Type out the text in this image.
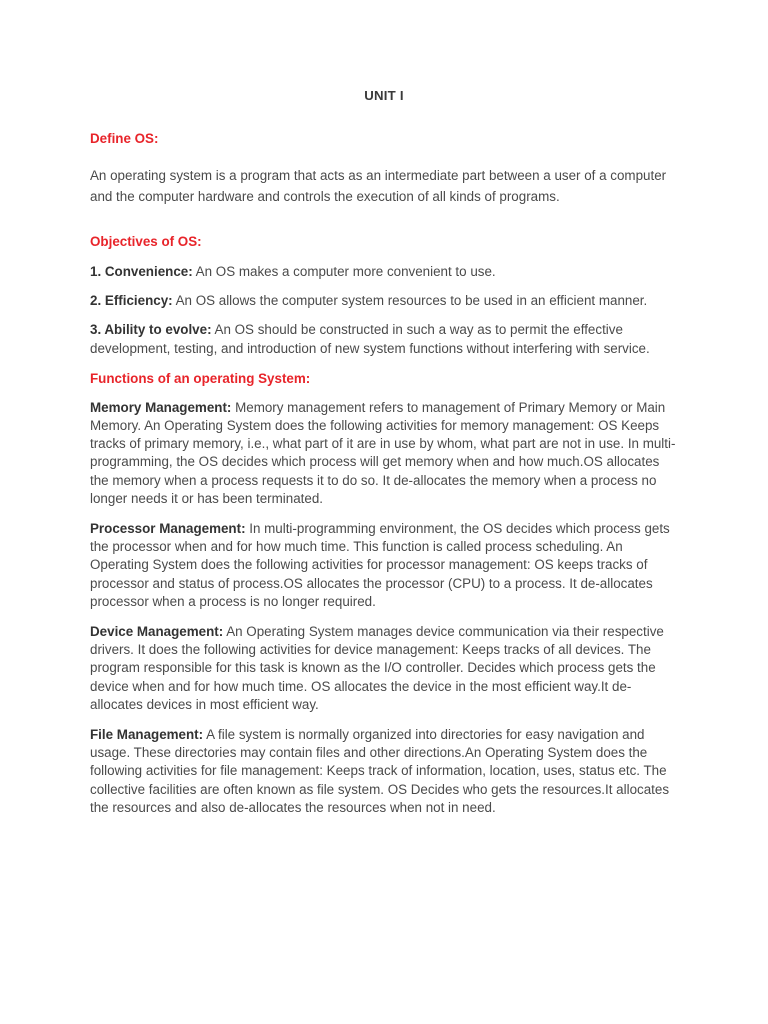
UNIT I
Define OS:

An operating system is a program that acts as an intermediate part between a user of a computer and the computer hardware and controls the execution of all kinds of programs.

Objectives of OS:

1. Convenience: An OS makes a computer more convenient to use.

2. Efficiency: An OS allows the computer system resources to be used in an efficient manner.

3. Ability to evolve: An OS should be constructed in such a way as to permit the effective development, testing, and introduction of new system functions without interfering with service.

Functions of an operating System:

Memory Management: Memory management refers to management of Primary Memory or Main Memory. An Operating System does the following activities for memory management: OS Keeps tracks of primary memory, i.e., what part of it are in use by whom, what part are not in use. In multi-programming, the OS decides which process will get memory when and how much.OS allocates the memory when a process requests it to do so. It de-allocates the memory when a process no longer needs it or has been terminated.

Processor Management: In multi-programming environment, the OS decides which process gets the processor when and for how much time. This function is called process scheduling. An Operating System does the following activities for processor management: OS keeps tracks of processor and status of process.OS allocates the processor (CPU) to a process. It de-allocates processor when a process is no longer required.

Device Management: An Operating System manages device communication via their respective drivers. It does the following activities for device management: Keeps tracks of all devices. The program responsible for this task is known as the I/O controller. Decides which process gets the device when and for how much time. OS allocates the device in the most efficient way.It de-allocates devices in most efficient way.

File Management: A file system is normally organized into directories for easy navigation and usage. These directories may contain files and other directions.An Operating System does the following activities for file management: Keeps track of information, location, uses, status etc. The collective facilities are often known as file system. OS Decides who gets the resources.It allocates the resources and also de-allocates the resources when not in need.
